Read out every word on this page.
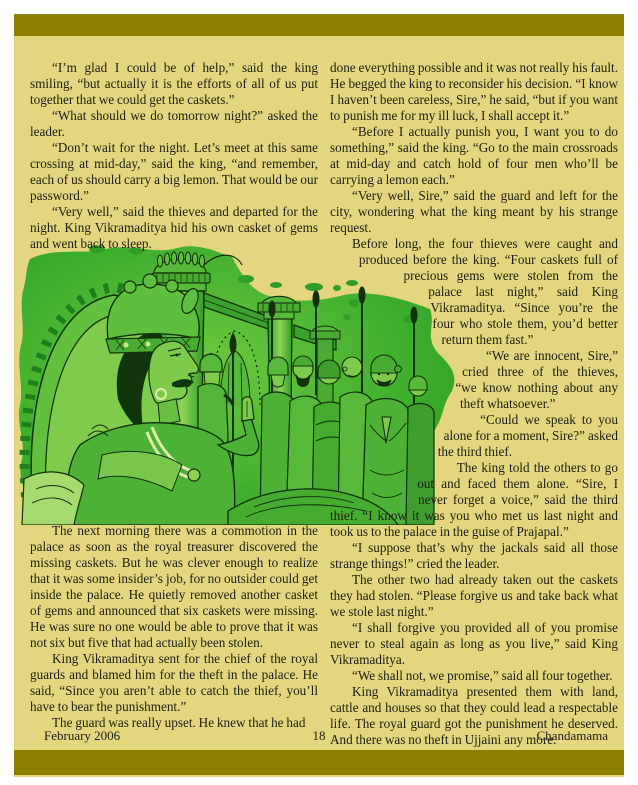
“I’m glad I could be of help,” said the king smiling, “but actually it is the efforts of all of us put together that we could get the caskets.”

“What should we do tomorrow night?” asked the leader.

“Don’t wait for the night. Let’s meet at this same crossing at mid-day,” said the king, “and remember, each of us should carry a big lemon. That would be our password.”

“Very well,” said the thieves and departed for the night. King Vikramaditya hid his own casket of gems and went back to sleep.

The next morning there was a commotion in the palace as soon as the royal treasurer discovered the missing caskets. But he was clever enough to realize that it was some insider’s job, for no outsider could get inside the palace. He quietly removed another casket of gems and announced that six caskets were missing. He was sure no one would be able to prove that it was not six but five that had actually been stolen.

King Vikramaditya sent for the chief of the royal guards and blamed him for the theft in the palace. He said, “Since you aren’t able to catch the thief, you’ll have to bear the punishment.”

The guard was really upset. He knew that he had

done everything possible and it was not really his fault. He begged the king to reconsider his decision. “I know I haven’t been careless, Sire,” he said, “but if you want to punish me for my ill luck, I shall accept it.”

“Before I actually punish you, I want you to do something,” said the king. “Go to the main crossroads at mid-day and catch hold of four men who’ll be carrying a lemon each.”

“Very well, Sire,” said the guard and left for the city, wondering what the king meant by his strange request.

Before long, the four thieves were caught and produced before the king. “Four caskets full of precious gems were stolen from the palace last night,” said King Vikramaditya. “Since you’re the four who stole them, you’d better return them fast.”

“We are innocent, Sire,” cried three of the thieves, “we know nothing about any theft whatsoever.”

“Could we speak to you alone for a moment, Sire?” asked the third thief.

The king told the others to go out and faced them alone. “Sire, I never forget a voice,” said the third thief. “I know it was you who met us last night and took us to the palace in the guise of Prajapal.”

“I suppose that’s why the jackals said all those strange things!” cried the leader.

The other two had already taken out the caskets they had stolen. “Please forgive us and take back what we stole last night.”

“I shall forgive you provided all of you promise never to steal again as long as you live,” said King Vikramaditya.

“We shall not, we promise,” said all four together.

King Vikramaditya presented them with land, cattle and houses so that they could lead a respectable life. The royal guard got the punishment he deserved. And there was no theft in Ujjaini any more.

February 2006	18	Chandamama
